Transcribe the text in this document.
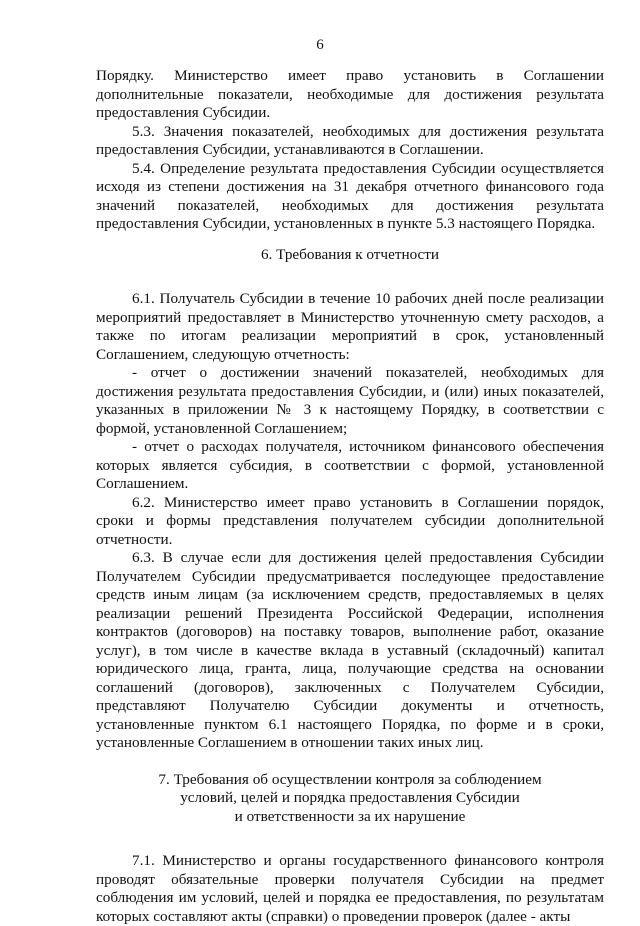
6

Порядку. Министерство имеет право установить в Соглашении дополнительные показатели, необходимые для достижения результата предоставления Субсидии.

5.3. Значения показателей, необходимых для достижения результата предоставления Субсидии, устанавливаются в Соглашении.

5.4. Определение результата предоставления Субсидии осуществляется исходя из степени достижения на 31 декабря отчетного финансового года значений показателей, необходимых для достижения результата предоставления Субсидии, установленных в пункте 5.3 настоящего Порядка.

6. Требования к отчетности

6.1. Получатель Субсидии в течение 10 рабочих дней после реализации мероприятий предоставляет в Министерство уточненную смету расходов, а также по итогам реализации мероприятий в срок, установленный Соглашением, следующую отчетность:

- отчет о достижении значений показателей, необходимых для достижения результата предоставления Субсидии, и (или) иных показателей, указанных в приложении № 3 к настоящему Порядку, в соответствии с формой, установленной Соглашением;

- отчет о расходах получателя, источником финансового обеспечения которых является субсидия, в соответствии с формой, установленной Соглашением.

6.2. Министерство имеет право установить в Соглашении порядок, сроки и формы представления получателем субсидии дополнительной отчетности.

6.3. В случае если для достижения целей предоставления Субсидии Получателем Субсидии предусматривается последующее предоставление средств иным лицам (за исключением средств, предоставляемых в целях реализации решений Президента Российской Федерации, исполнения контрактов (договоров) на поставку товаров, выполнение работ, оказание услуг), в том числе в качестве вклада в уставный (складочный) капитал юридического лица, гранта, лица, получающие средства на основании соглашений (договоров), заключенных с Получателем Субсидии, представляют Получателю Субсидии документы и отчетность, установленные пунктом 6.1 настоящего Порядка, по форме и в сроки, установленные Соглашением в отношении таких иных лиц.

7. Требования об осуществлении контроля за соблюдением
условий, целей и порядка предоставления Субсидии
и ответственности за их нарушение

7.1. Министерство и органы государственного финансового контроля проводят обязательные проверки получателя Субсидии на предмет соблюдения им условий, целей и порядка ее предоставления, по результатам которых составляют акты (справки) о проведении проверок (далее - акты
